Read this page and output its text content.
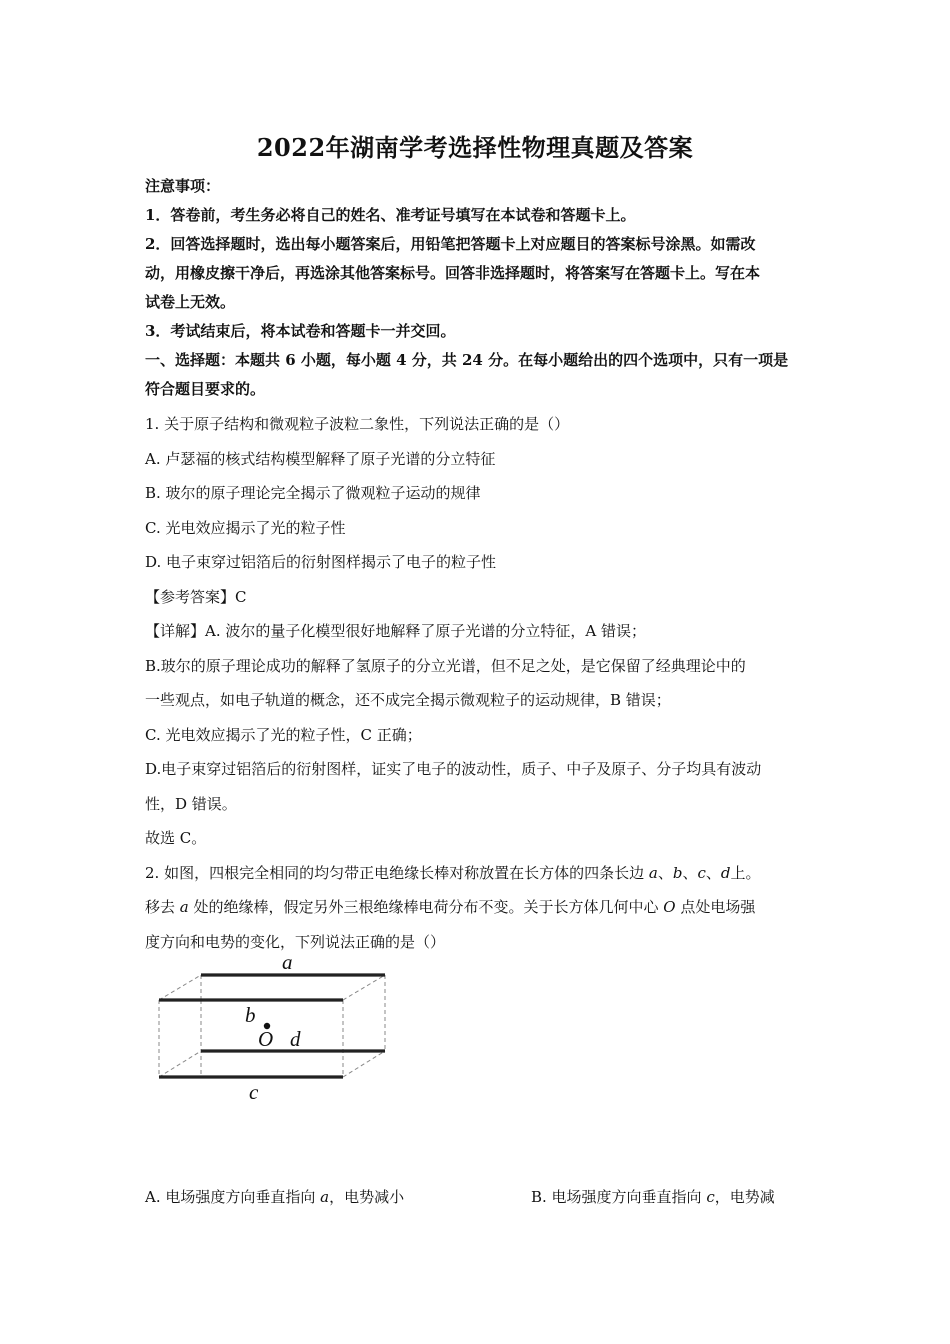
2022年湖南学考选择性物理真题及答案

注意事项：

1．答卷前，考生务必将自己的姓名、准考证号填写在本试卷和答题卡上。

2．回答选择题时，选出每小题答案后，用铅笔把答题卡上对应题目的答案标号涂黑。如需改

动，用橡皮擦干净后，再选涂其他答案标号。回答非选择题时，将答案写在答题卡上。写在本

试卷上无效。

3．考试结束后，将本试卷和答题卡一并交回。

一、选择题：本题共 6 小题，每小题 4 分，共 24 分。在每小题给出的四个选项中，只有一项是

符合题目要求的。

1. 关于原子结构和微观粒子波粒二象性，下列说法正确的是（）

A. 卢瑟福的核式结构模型解释了原子光谱的分立特征

B. 玻尔的原子理论完全揭示了微观粒子运动的规律

C. 光电效应揭示了光的粒子性

D. 电子束穿过铝箔后的衍射图样揭示了电子的粒子性

【参考答案】C

【详解】A. 波尔的量子化模型很好地解释了原子光谱的分立特征，A 错误；

B.玻尔的原子理论成功的解释了氢原子的分立光谱，但不足之处，是它保留了经典理论中的

一些观点，如电子轨道的概念，还不成完全揭示微观粒子的运动规律，B 错误；

C. 光电效应揭示了光的粒子性，C 正确；

D.电子束穿过铝箔后的衍射图样，证实了电子的波动性，质子、中子及原子、分子均具有波动

性，D 错误。

故选 C。

2. 如图，四根完全相同的均匀带正电绝缘长棒对称放置在长方体的四条长边 a、b、c、d上。

移去 a 处的绝缘棒，假定另外三根绝缘棒电荷分布不变。关于长方体几何中心 O 点处电场强

度方向和电势的变化，下列说法正确的是（）

a
b
O d
c
A. 电场强度方向垂直指向 a，电势减小	B. 电场强度方向垂直指向 c，电势减
